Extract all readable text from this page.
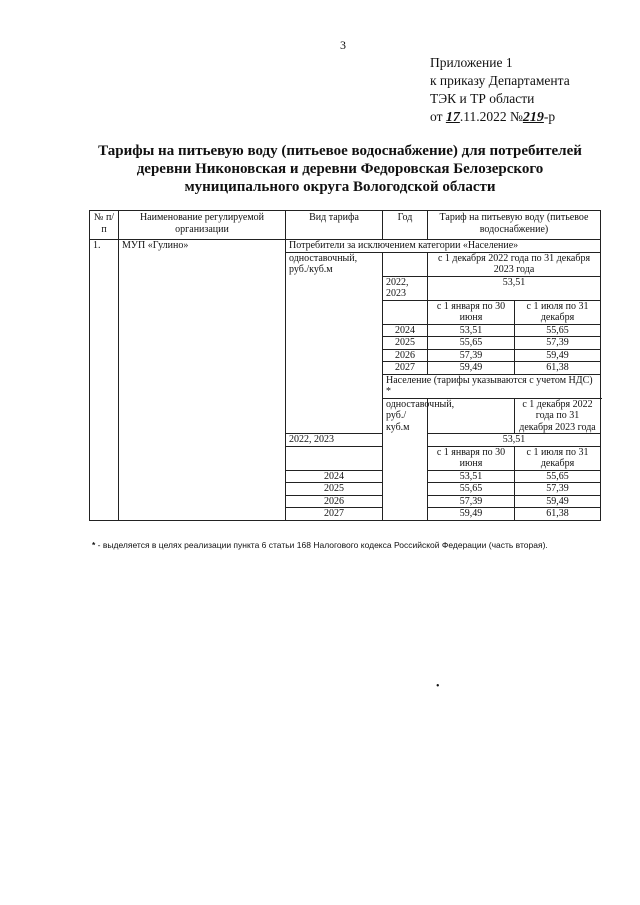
3
Приложение 1
к приказу Департамента
ТЭК и ТР области
от 17.11.2022 №219-р
Тарифы на питьевую воду (питьевое водоснабжение) для потребителей
деревни Никоновская и деревни Федоровская Белозерского
муниципального округа Вологодской области
№ п/п	Наименование регулируемой организации	Вид тарифа	Год	Тариф на питьевую воду (питьевое водоснабжение)	
1.	МУП «Гулино»	Потребители за исключением категории «Население»			
		одноставочный, руб./куб.м		с 1 декабря 2022 года по 31 декабря 2023 года	
			2022, 2023	53,51	
				с 1 января по 30 июня	с 1 июля по 31 декабря
			2024	53,51	55,65
			2025	55,65	57,39
			2026	57,39	59,49
			2027	59,49	61,38
			Население (тарифы указываются с учетом НДС) *		
			одноставочный, руб./куб.м		с 1 декабря 2022 года по 31 декабря 2023 года
		2022, 2023		53,51	
				с 1 января по 30 июня	с 1 июля по 31 декабря
		2024		53,51	55,65
		2025		55,65	57,39
		2026		57,39	59,49
		2027		59,49	61,38
* - выделяется в целях реализации пункта 6 статьи 168 Налогового кодекса Российской Федерации (часть вторая).
•
